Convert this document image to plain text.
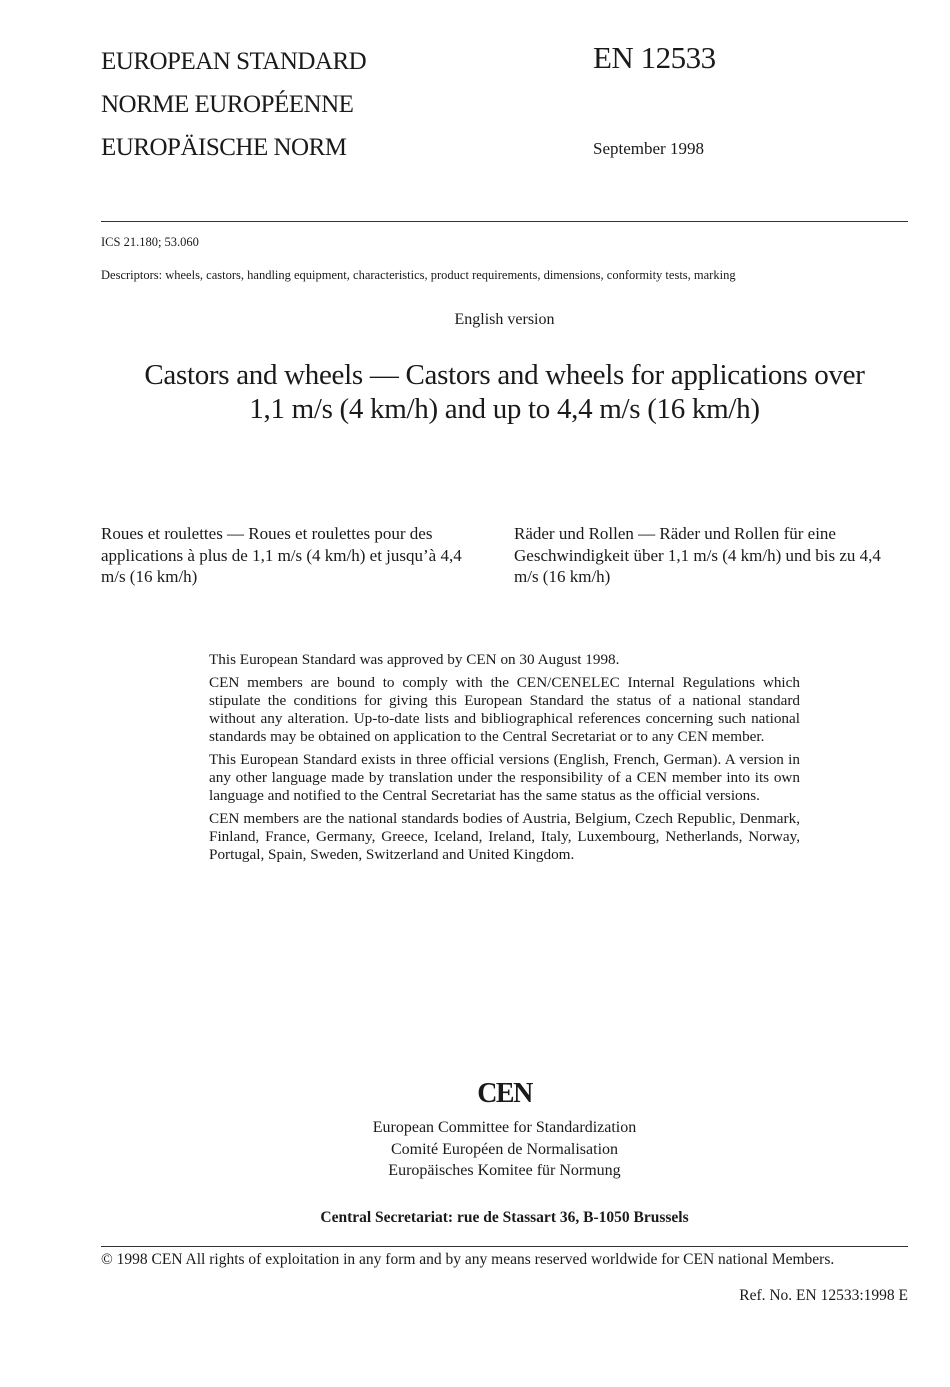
EUROPEAN STANDARD
NORME EUROPÉENNE
EUROPÄISCHE NORM
EN 12533
September 1998
ICS 21.180; 53.060
Descriptors: wheels, castors, handling equipment, characteristics, product requirements, dimensions, conformity tests, marking
English version
Castors and wheels — Castors and wheels for applications over
1,1 m/s (4 km/h) and up to 4,4 m/s (16 km/h)
Roues et roulettes — Roues et roulettes pour des applications à plus de 1,1 m/s (4 km/h) et jusqu’à 4,4 m/s (16 km/h)
Räder und Rollen — Räder und Rollen für eine Geschwindigkeit über 1,1 m/s (4 km/h) und bis zu 4,4 m/s (16 km/h)

This European Standard was approved by CEN on 30 August 1998.

CEN members are bound to comply with the CEN/CENELEC Internal Regulations which stipulate the conditions for giving this European Standard the status of a national standard without any alteration. Up-to-date lists and bibliographical references concerning such national standards may be obtained on application to the Central Secretariat or to any CEN member.

This European Standard exists in three official versions (English, French, German). A version in any other language made by translation under the responsibility of a CEN member into its own language and notified to the Central Secretariat has the same status as the official versions.

CEN members are the national standards bodies of Austria, Belgium, Czech Republic, Denmark, Finland, France, Germany, Greece, Iceland, Ireland, Italy, Luxembourg, Netherlands, Norway, Portugal, Spain, Sweden, Switzerland and United Kingdom.

CEN
European Committee for Standardization
Comité Européen de Normalisation
Europäisches Komitee für Normung
Central Secretariat: rue de Stassart 36, B-1050 Brussels
© 1998 CEN All rights of exploitation in any form and by any means reserved worldwide for CEN national Members.
Ref. No. EN 12533:1998 E
